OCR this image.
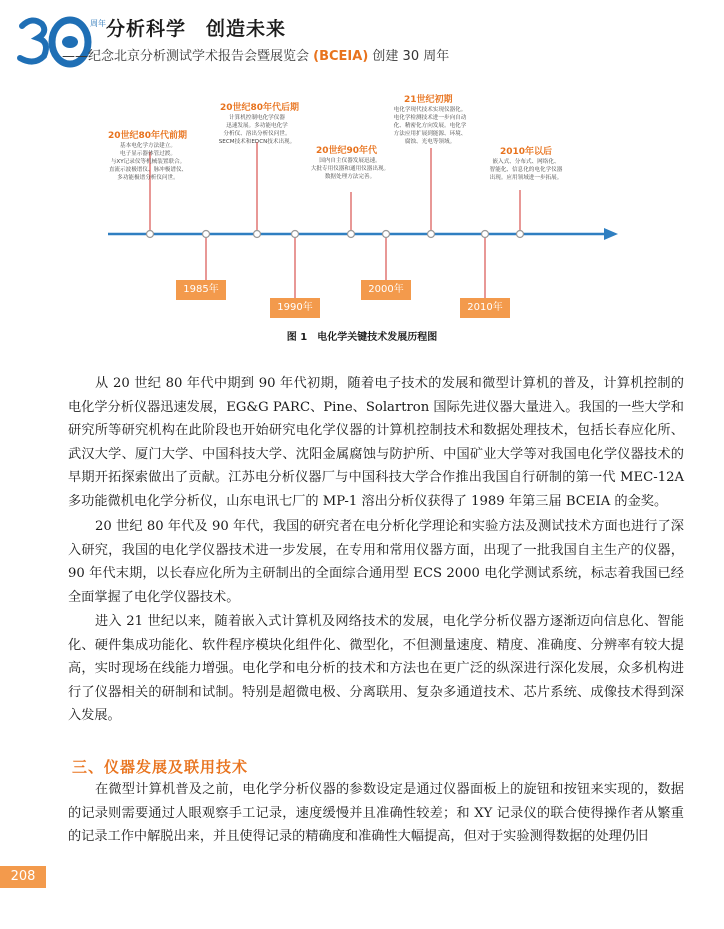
周年 分析科学　创造未来
——纪念北京分析测试学术报告会暨展览会 (BCEIA) 创建 30 周年
20世纪80年代前期
基本电化学方法建立。
电子显示器体管过渡。
与XY记录仪等机械装置联合。
直流示波极谱仪、脉冲极谱仪、
多功能极谱分析仪问世。
20世纪80年代后期
计算机控制电化学仪器
迅速发展。多功能电化学
分析仪、溶出分析仪问世。
SECM技术和EDCN技术出现。
20世纪90年代
国内自主仪器发展迅速。
大批专用仪器和通用仪器出现。
数据处理方法完善。
21世纪初期
电化学现代技术实现仪器化。
电化学检测技术进一步向自动
化、精密化方向发展。电化学
方法应用扩展到能源、环境、
腐蚀、光电等领域。
2010年以后
嵌入式、分布式、网络化、
智能化、信息化的电化学仪器
出现。应用领域进一步拓展。
1985年
1990年
2000年
2010年
图 1　电化学关键技术发展历程图
从 20 世纪 80 年代中期到 90 年代初期，随着电子技术的发展和微型计算机的普及，计算机控制的电化学分析仪器迅速发展，EG&G PARC、Pine、Solartron 国际先进仪器大量进入。我国的一些大学和研究所等研究机构在此阶段也开始研究电化学仪器的计算机控制技术和数据处理技术，包括长春应化所、武汉大学、厦门大学、中国科技大学、沈阳金属腐蚀与防护所、中国矿业大学等对我国电化学仪器技术的早期开拓探索做出了贡献。江苏电分析仪器厂与中国科技大学合作推出我国自行研制的第一代 MEC-12A 多功能微机电化学分析仪，山东电讯七厂的 MP-1 溶出分析仪获得了 1989 年第三届 BCEIA 的金奖。
20 世纪 80 年代及 90 年代，我国的研究者在电分析化学理论和实验方法及测试技术方面也进行了深入研究，我国的电化学仪器技术进一步发展，在专用和常用仪器方面，出现了一批我国自主生产的仪器，90 年代末期，以长春应化所为主研制出的全面综合通用型 ECS 2000 电化学测试系统，标志着我国已经全面掌握了电化学仪器技术。
进入 21 世纪以来，随着嵌入式计算机及网络技术的发展，电化学分析仪器方逐渐迈向信息化、智能化、硬件集成功能化、软件程序模块化组件化、微型化，不但测量速度、精度、准确度、分辨率有较大提高，实时现场在线能力增强。电化学和电分析的技术和方法也在更广泛的纵深进行深化发展，众多机构进行了仪器相关的研制和试制。特别是超微电极、分离联用、复杂多通道技术、芯片系统、成像技术得到深入发展。
三、仪器发展及联用技术
在微型计算机普及之前，电化学分析仪器的参数设定是通过仪器面板上的旋钮和按钮来实现的，数据的记录则需要通过人眼观察手工记录，速度缓慢并且准确性较差；和 XY 记录仪的联合使得操作者从繁重的记录工作中解脱出来，并且使得记录的精确度和准确性大幅提高，但对于实验测得数据的处理仍旧
208
